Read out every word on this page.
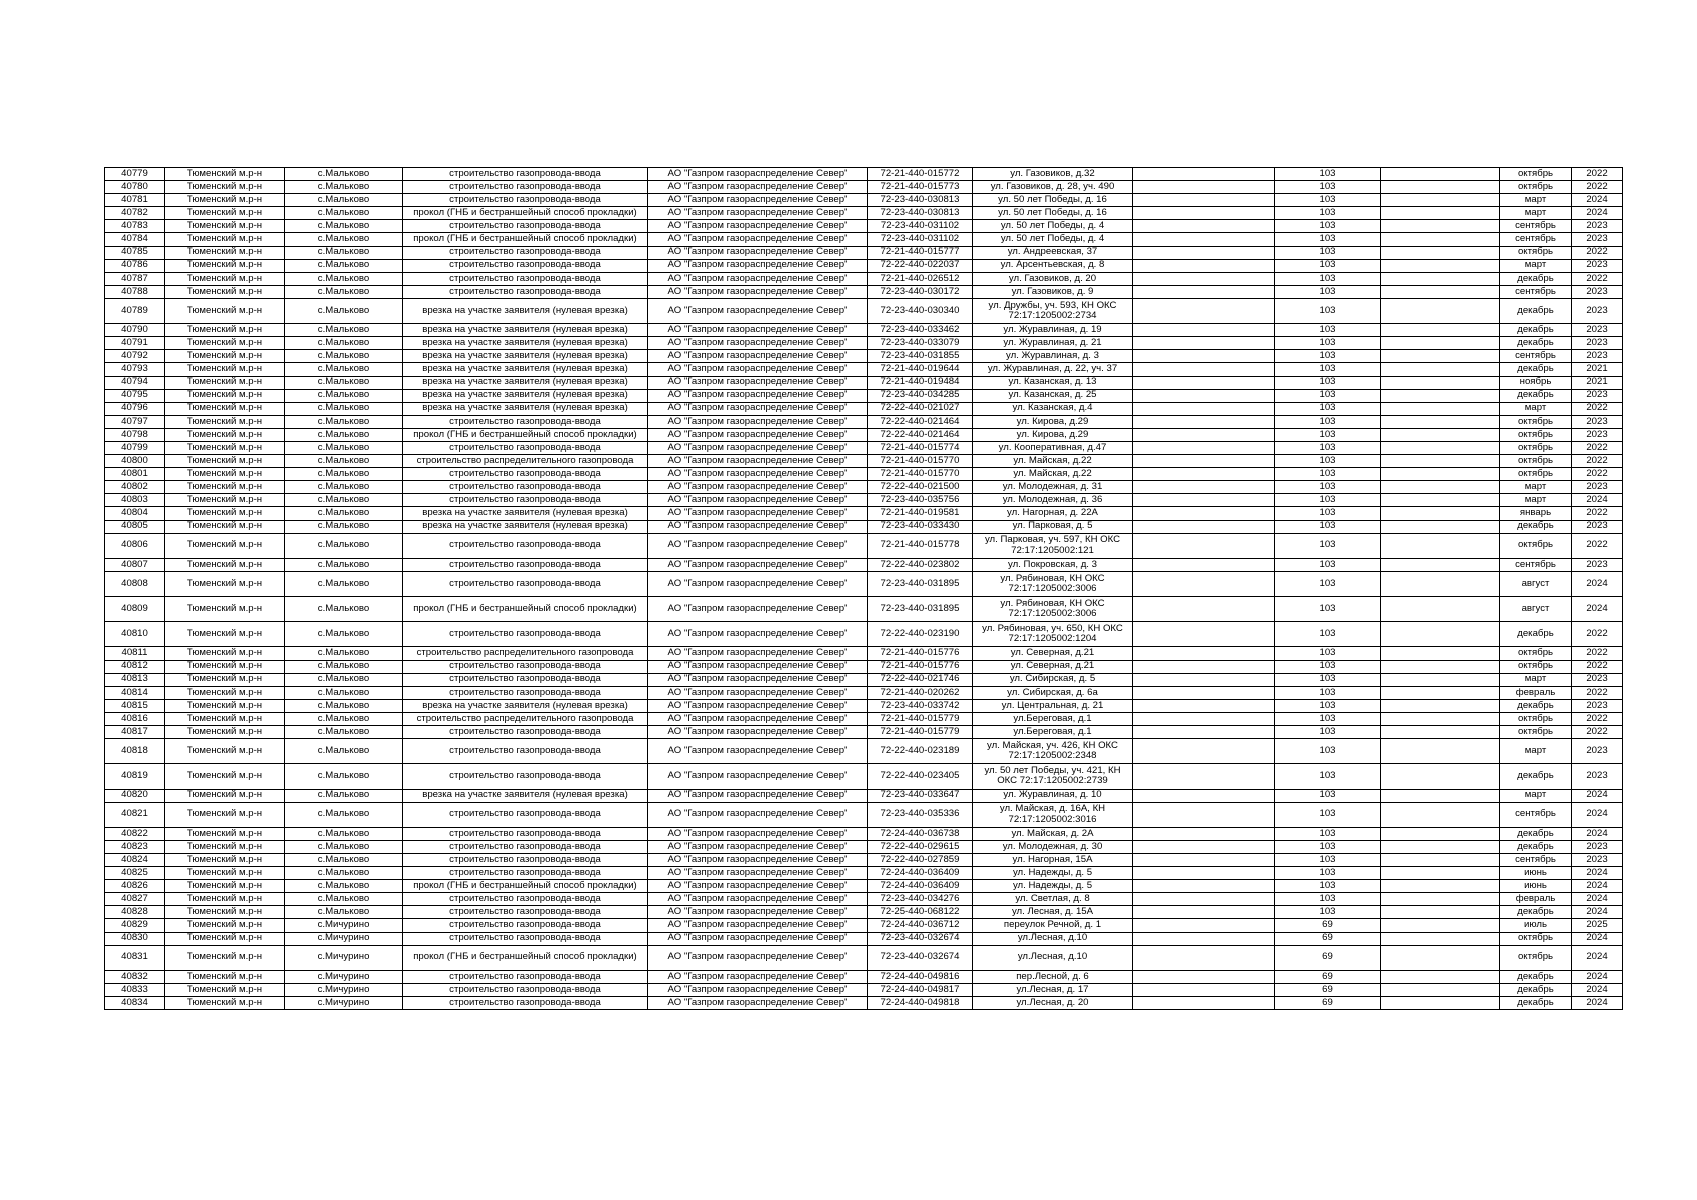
40779	Тюменский м.р-н	с.Мальково	строительство газопровода-ввода	АО "Газпром газораспределение Север"	72-21-440-015772	ул. Газовиков, д.32		103		октябрь	2022
40780	Тюменский м.р-н	с.Мальково	строительство газопровода-ввода	АО "Газпром газораспределение Север"	72-21-440-015773	ул. Газовиков, д. 28, уч. 490		103		октябрь	2022
40781	Тюменский м.р-н	с.Мальково	строительство газопровода-ввода	АО "Газпром газораспределение Север"	72-23-440-030813	ул. 50 лет Победы, д. 16		103		март	2024
40782	Тюменский м.р-н	с.Мальково	прокол (ГНБ и бестраншейный способ прокладки)	АО "Газпром газораспределение Север"	72-23-440-030813	ул. 50 лет Победы, д. 16		103		март	2024
40783	Тюменский м.р-н	с.Мальково	строительство газопровода-ввода	АО "Газпром газораспределение Север"	72-23-440-031102	ул. 50 лет Победы, д. 4		103		сентябрь	2023
40784	Тюменский м.р-н	с.Мальково	прокол (ГНБ и бестраншейный способ прокладки)	АО "Газпром газораспределение Север"	72-23-440-031102	ул. 50 лет Победы, д. 4		103		сентябрь	2023
40785	Тюменский м.р-н	с.Мальково	строительство газопровода-ввода	АО "Газпром газораспределение Север"	72-21-440-015777	ул. Андреевская, 37		103		октябрь	2022
40786	Тюменский м.р-н	с.Мальково	строительство газопровода-ввода	АО "Газпром газораспределение Север"	72-22-440-022037	ул. Арсентьевская, д. 8		103		март	2023
40787	Тюменский м.р-н	с.Мальково	строительство газопровода-ввода	АО "Газпром газораспределение Север"	72-21-440-026512	ул. Газовиков, д. 20		103		декабрь	2022
40788	Тюменский м.р-н	с.Мальково	строительство газопровода-ввода	АО "Газпром газораспределение Север"	72-23-440-030172	ул. Газовиков, д. 9		103		сентябрь	2023
40789	Тюменский м.р-н	с.Мальково	врезка на участке заявителя (нулевая врезка)	АО "Газпром газораспределение Север"	72-23-440-030340	ул. Дружбы, уч. 593, КН ОКС 72:17:1205002:2734		103		декабрь	2023
40790	Тюменский м.р-н	с.Мальково	врезка на участке заявителя (нулевая врезка)	АО "Газпром газораспределение Север"	72-23-440-033462	ул. Журавлиная, д. 19		103		декабрь	2023
40791	Тюменский м.р-н	с.Мальково	врезка на участке заявителя (нулевая врезка)	АО "Газпром газораспределение Север"	72-23-440-033079	ул. Журавлиная, д. 21		103		декабрь	2023
40792	Тюменский м.р-н	с.Мальково	врезка на участке заявителя (нулевая врезка)	АО "Газпром газораспределение Север"	72-23-440-031855	ул. Журавлиная, д. 3		103		сентябрь	2023
40793	Тюменский м.р-н	с.Мальково	врезка на участке заявителя (нулевая врезка)	АО "Газпром газораспределение Север"	72-21-440-019644	ул. Журавлиная, д. 22, уч. 37		103		декабрь	2021
40794	Тюменский м.р-н	с.Мальково	врезка на участке заявителя (нулевая врезка)	АО "Газпром газораспределение Север"	72-21-440-019484	ул. Казанская, д. 13		103		ноябрь	2021
40795	Тюменский м.р-н	с.Мальково	врезка на участке заявителя (нулевая врезка)	АО "Газпром газораспределение Север"	72-23-440-034285	ул. Казанская, д. 25		103		декабрь	2023
40796	Тюменский м.р-н	с.Мальково	врезка на участке заявителя (нулевая врезка)	АО "Газпром газораспределение Север"	72-22-440-021027	ул. Казанская, д.4		103		март	2022
40797	Тюменский м.р-н	с.Мальково	строительство газопровода-ввода	АО "Газпром газораспределение Север"	72-22-440-021464	ул. Кирова, д.29		103		октябрь	2023
40798	Тюменский м.р-н	с.Мальково	прокол (ГНБ и бестраншейный способ прокладки)	АО "Газпром газораспределение Север"	72-22-440-021464	ул. Кирова, д.29		103		октябрь	2023
40799	Тюменский м.р-н	с.Мальково	строительство газопровода-ввода	АО "Газпром газораспределение Север"	72-21-440-015774	ул. Кооперативная, д.47		103		октябрь	2022
40800	Тюменский м.р-н	с.Мальково	строительство распределительного газопровода	АО "Газпром газораспределение Север"	72-21-440-015770	ул. Майская, д.22		103		октябрь	2022
40801	Тюменский м.р-н	с.Мальково	строительство газопровода-ввода	АО "Газпром газораспределение Север"	72-21-440-015770	ул. Майская, д.22		103		октябрь	2022
40802	Тюменский м.р-н	с.Мальково	строительство газопровода-ввода	АО "Газпром газораспределение Север"	72-22-440-021500	ул. Молодежная, д. 31		103		март	2023
40803	Тюменский м.р-н	с.Мальково	строительство газопровода-ввода	АО "Газпром газораспределение Север"	72-23-440-035756	ул. Молодежная, д. 36		103		март	2024
40804	Тюменский м.р-н	с.Мальково	врезка на участке заявителя (нулевая врезка)	АО "Газпром газораспределение Север"	72-21-440-019581	ул. Нагорная, д. 22А		103		январь	2022
40805	Тюменский м.р-н	с.Мальково	врезка на участке заявителя (нулевая врезка)	АО "Газпром газораспределение Север"	72-23-440-033430	ул. Парковая, д. 5		103		декабрь	2023
40806	Тюменский м.р-н	с.Мальково	строительство газопровода-ввода	АО "Газпром газораспределение Север"	72-21-440-015778	ул. Парковая, уч. 597, КН ОКС 72:17:1205002:121		103		октябрь	2022
40807	Тюменский м.р-н	с.Мальково	строительство газопровода-ввода	АО "Газпром газораспределение Север"	72-22-440-023802	ул. Покровская, д. 3		103		сентябрь	2023
40808	Тюменский м.р-н	с.Мальково	строительство газопровода-ввода	АО "Газпром газораспределение Север"	72-23-440-031895	ул. Рябиновая, КН ОКС 72:17:1205002:3006		103		август	2024
40809	Тюменский м.р-н	с.Мальково	прокол (ГНБ и бестраншейный способ прокладки)	АО "Газпром газораспределение Север"	72-23-440-031895	ул. Рябиновая, КН ОКС 72:17:1205002:3006		103		август	2024
40810	Тюменский м.р-н	с.Мальково	строительство газопровода-ввода	АО "Газпром газораспределение Север"	72-22-440-023190	ул. Рябиновая, уч. 650, КН ОКС 72:17:1205002:1204		103		декабрь	2022
40811	Тюменский м.р-н	с.Мальково	строительство распределительного газопровода	АО "Газпром газораспределение Север"	72-21-440-015776	ул. Северная, д.21		103		октябрь	2022
40812	Тюменский м.р-н	с.Мальково	строительство газопровода-ввода	АО "Газпром газораспределение Север"	72-21-440-015776	ул. Северная, д.21		103		октябрь	2022
40813	Тюменский м.р-н	с.Мальково	строительство газопровода-ввода	АО "Газпром газораспределение Север"	72-22-440-021746	ул. Сибирская, д. 5		103		март	2023
40814	Тюменский м.р-н	с.Мальково	строительство газопровода-ввода	АО "Газпром газораспределение Север"	72-21-440-020262	ул. Сибирская, д. 6а		103		февраль	2022
40815	Тюменский м.р-н	с.Мальково	врезка на участке заявителя (нулевая врезка)	АО "Газпром газораспределение Север"	72-23-440-033742	ул. Центральная, д. 21		103		декабрь	2023
40816	Тюменский м.р-н	с.Мальково	строительство распределительного газопровода	АО "Газпром газораспределение Север"	72-21-440-015779	ул.Береговая, д.1		103		октябрь	2022
40817	Тюменский м.р-н	с.Мальково	строительство газопровода-ввода	АО "Газпром газораспределение Север"	72-21-440-015779	ул.Береговая, д.1		103		октябрь	2022
40818	Тюменский м.р-н	с.Мальково	строительство газопровода-ввода	АО "Газпром газораспределение Север"	72-22-440-023189	ул. Майская, уч. 426, КН ОКС 72:17:1205002:2348		103		март	2023
40819	Тюменский м.р-н	с.Мальково	строительство газопровода-ввода	АО "Газпром газораспределение Север"	72-22-440-023405	ул. 50 лет Победы, уч. 421, КН ОКС 72:17:1205002:2739		103		декабрь	2023
40820	Тюменский м.р-н	с.Мальково	врезка на участке заявителя (нулевая врезка)	АО "Газпром газораспределение Север"	72-23-440-033647	ул. Журавлиная, д. 10		103		март	2024
40821	Тюменский м.р-н	с.Мальково	строительство газопровода-ввода	АО "Газпром газораспределение Север"	72-23-440-035336	ул. Майская, д. 16А, КН 72:17:1205002:3016		103		сентябрь	2024
40822	Тюменский м.р-н	с.Мальково	строительство газопровода-ввода	АО "Газпром газораспределение Север"	72-24-440-036738	ул. Майская, д. 2А		103		декабрь	2024
40823	Тюменский м.р-н	с.Мальково	строительство газопровода-ввода	АО "Газпром газораспределение Север"	72-22-440-029615	ул. Молодежная, д. 30		103		декабрь	2023
40824	Тюменский м.р-н	с.Мальково	строительство газопровода-ввода	АО "Газпром газораспределение Север"	72-22-440-027859	ул. Нагорная, 15А		103		сентябрь	2023
40825	Тюменский м.р-н	с.Мальково	строительство газопровода-ввода	АО "Газпром газораспределение Север"	72-24-440-036409	ул. Надежды, д. 5		103		июнь	2024
40826	Тюменский м.р-н	с.Мальково	прокол (ГНБ и бестраншейный способ прокладки)	АО "Газпром газораспределение Север"	72-24-440-036409	ул. Надежды, д. 5		103		июнь	2024
40827	Тюменский м.р-н	с.Мальково	строительство газопровода-ввода	АО "Газпром газораспределение Север"	72-23-440-034276	ул. Светлая, д. 8		103		февраль	2024
40828	Тюменский м.р-н	с.Мальково	строительство газопровода-ввода	АО "Газпром газораспределение Север"	72-25-440-068122	ул. Лесная, д. 15А		103		декабрь	2024
40829	Тюменский м.р-н	с.Мичурино	строительство газопровода-ввода	АО "Газпром газораспределение Север"	72-24-440-036712	переулок Речной, д. 1		69		июль	2025
40830	Тюменский м.р-н	с.Мичурино	строительство газопровода-ввода	АО "Газпром газораспределение Север"	72-23-440-032674	ул.Лесная, д.10		69		октябрь	2024
40831	Тюменский м.р-н	с.Мичурино	прокол (ГНБ и бестраншейный способ прокладки)	АО "Газпром газораспределение Север"	72-23-440-032674	ул.Лесная, д.10		69		октябрь	2024
40832	Тюменский м.р-н	с.Мичурино	строительство газопровода-ввода	АО "Газпром газораспределение Север"	72-24-440-049816	пер.Лесной, д. 6		69		декабрь	2024
40833	Тюменский м.р-н	с.Мичурино	строительство газопровода-ввода	АО "Газпром газораспределение Север"	72-24-440-049817	ул.Лесная, д. 17		69		декабрь	2024
40834	Тюменский м.р-н	с.Мичурино	строительство газопровода-ввода	АО "Газпром газораспределение Север"	72-24-440-049818	ул.Лесная, д. 20		69		декабрь	2024
